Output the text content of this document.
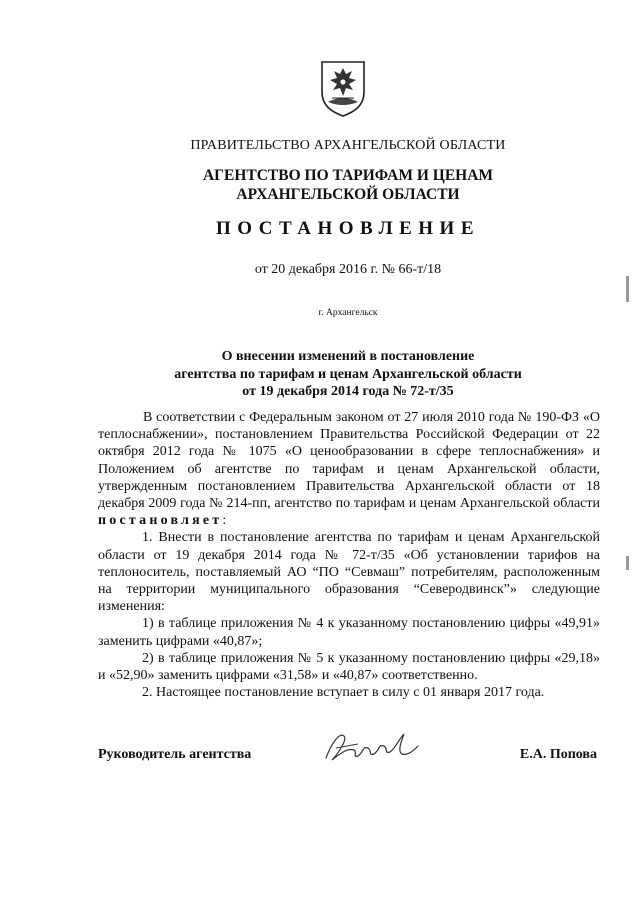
ПРАВИТЕЛЬСТВО АРХАНГЕЛЬСКОЙ ОБЛАСТИ
АГЕНТСТВО ПО ТАРИФАМ И ЦЕНАМ
АРХАНГЕЛЬСКОЙ ОБЛАСТИ
ПОСТАНОВЛЕНИЕ
от 20 декабря 2016 г. № 66-т/18
г. Архангельск
О внесении изменений в постановление
агентства по тарифам и ценам Архангельской области
от 19 декабря 2014 года № 72-т/35

В соответствии с Федеральным законом от 27 июля 2010 года № 190-ФЗ «О теплоснабжении», постановлением Правительства Российской Федерации от 22 октября 2012 года № 1075 «О ценообразовании в сфере теплоснабжения» и Положением об агентстве по тарифам и ценам Архангельской области, утвержденным постановлением Правительства Архангельской области от 18 декабря 2009 года № 214-пп, агентство по тарифам и ценам Архангельской области постановляет:

1. Внести в постановление агентства по тарифам и ценам Архангельской области от 19 декабря 2014 года № 72-т/35 «Об установлении тарифов на теплоноситель, поставляемый АО “ПО “Севмаш” потребителям, расположенным на территории муниципального образования “Северодвинск”» следующие изменения:

1) в таблице приложения № 4 к указанному постановлению цифры «49,91» заменить цифрами «40,87»;

2) в таблице приложения № 5 к указанному постановлению цифры «29,18» и «52,90» заменить цифрами «31,58» и «40,87» соответственно.

2. Настоящее постановление вступает в силу с 01 января 2017 года.

Руководитель агентства	Е.А. Попова
